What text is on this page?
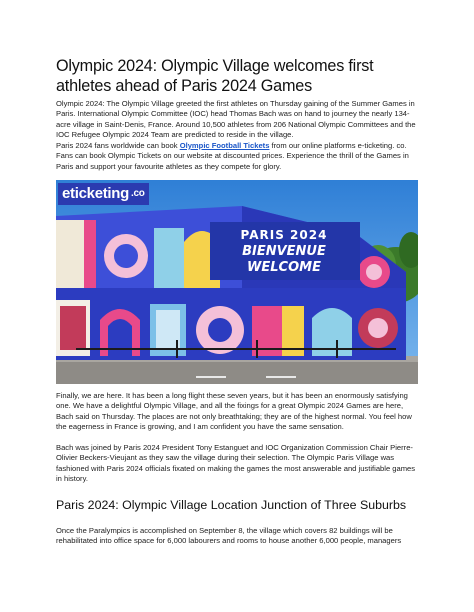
Olympic 2024: Olympic Village welcomes first athletes ahead of Paris 2024 Games

Olympic 2024: The Olympic Village greeted the first athletes on Thursday gaining of the Summer Games in Paris. International Olympic Committee (IOC) head Thomas Bach was on hand to journey the nearly 134-acre village in Saint-Denis, France. Around 10,500 athletes from 206 National Olympic Committees and the IOC Refugee Olympic 2024 Team are predicted to reside in the village.

Paris 2024 fans worldwide can book Olympic Football Tickets from our online platforms e-ticketing. co. Fans can book Olympic Tickets on our website at discounted prices. Experience the thrill of the Games in Paris and support your favourite athletes as they compete for glory.

eticketing $^{.co}$
PARIS 2024
BIENVENUE
WELCOME

Finally, we are here. It has been a long flight these seven years, but it has been an enormously satisfying one. We have a delightful Olympic Village, and all the fixings for a great Olympic 2024 Games are here, Bach said on Thursday. The places are not only breathtaking; they are of the highest normal. You feel how the eagerness in France is growing, and I am confident you have the same sensation.

Bach was joined by Paris 2024 President Tony Estanguet and IOC Organization Commission Chair Pierre-Olivier Beckers-Vieujant as they saw the village during their selection. The Olympic Paris Village was fashioned with Paris 2024 officials fixated on making the games the most answerable and justifiable games in history.

Paris 2024: Olympic Village Location Junction of Three Suburbs

Once the Paralympics is accomplished on September 8, the village which covers 82 buildings will be rehabilitated into office space for 6,000 labourers and rooms to house another 6,000 people, managers
